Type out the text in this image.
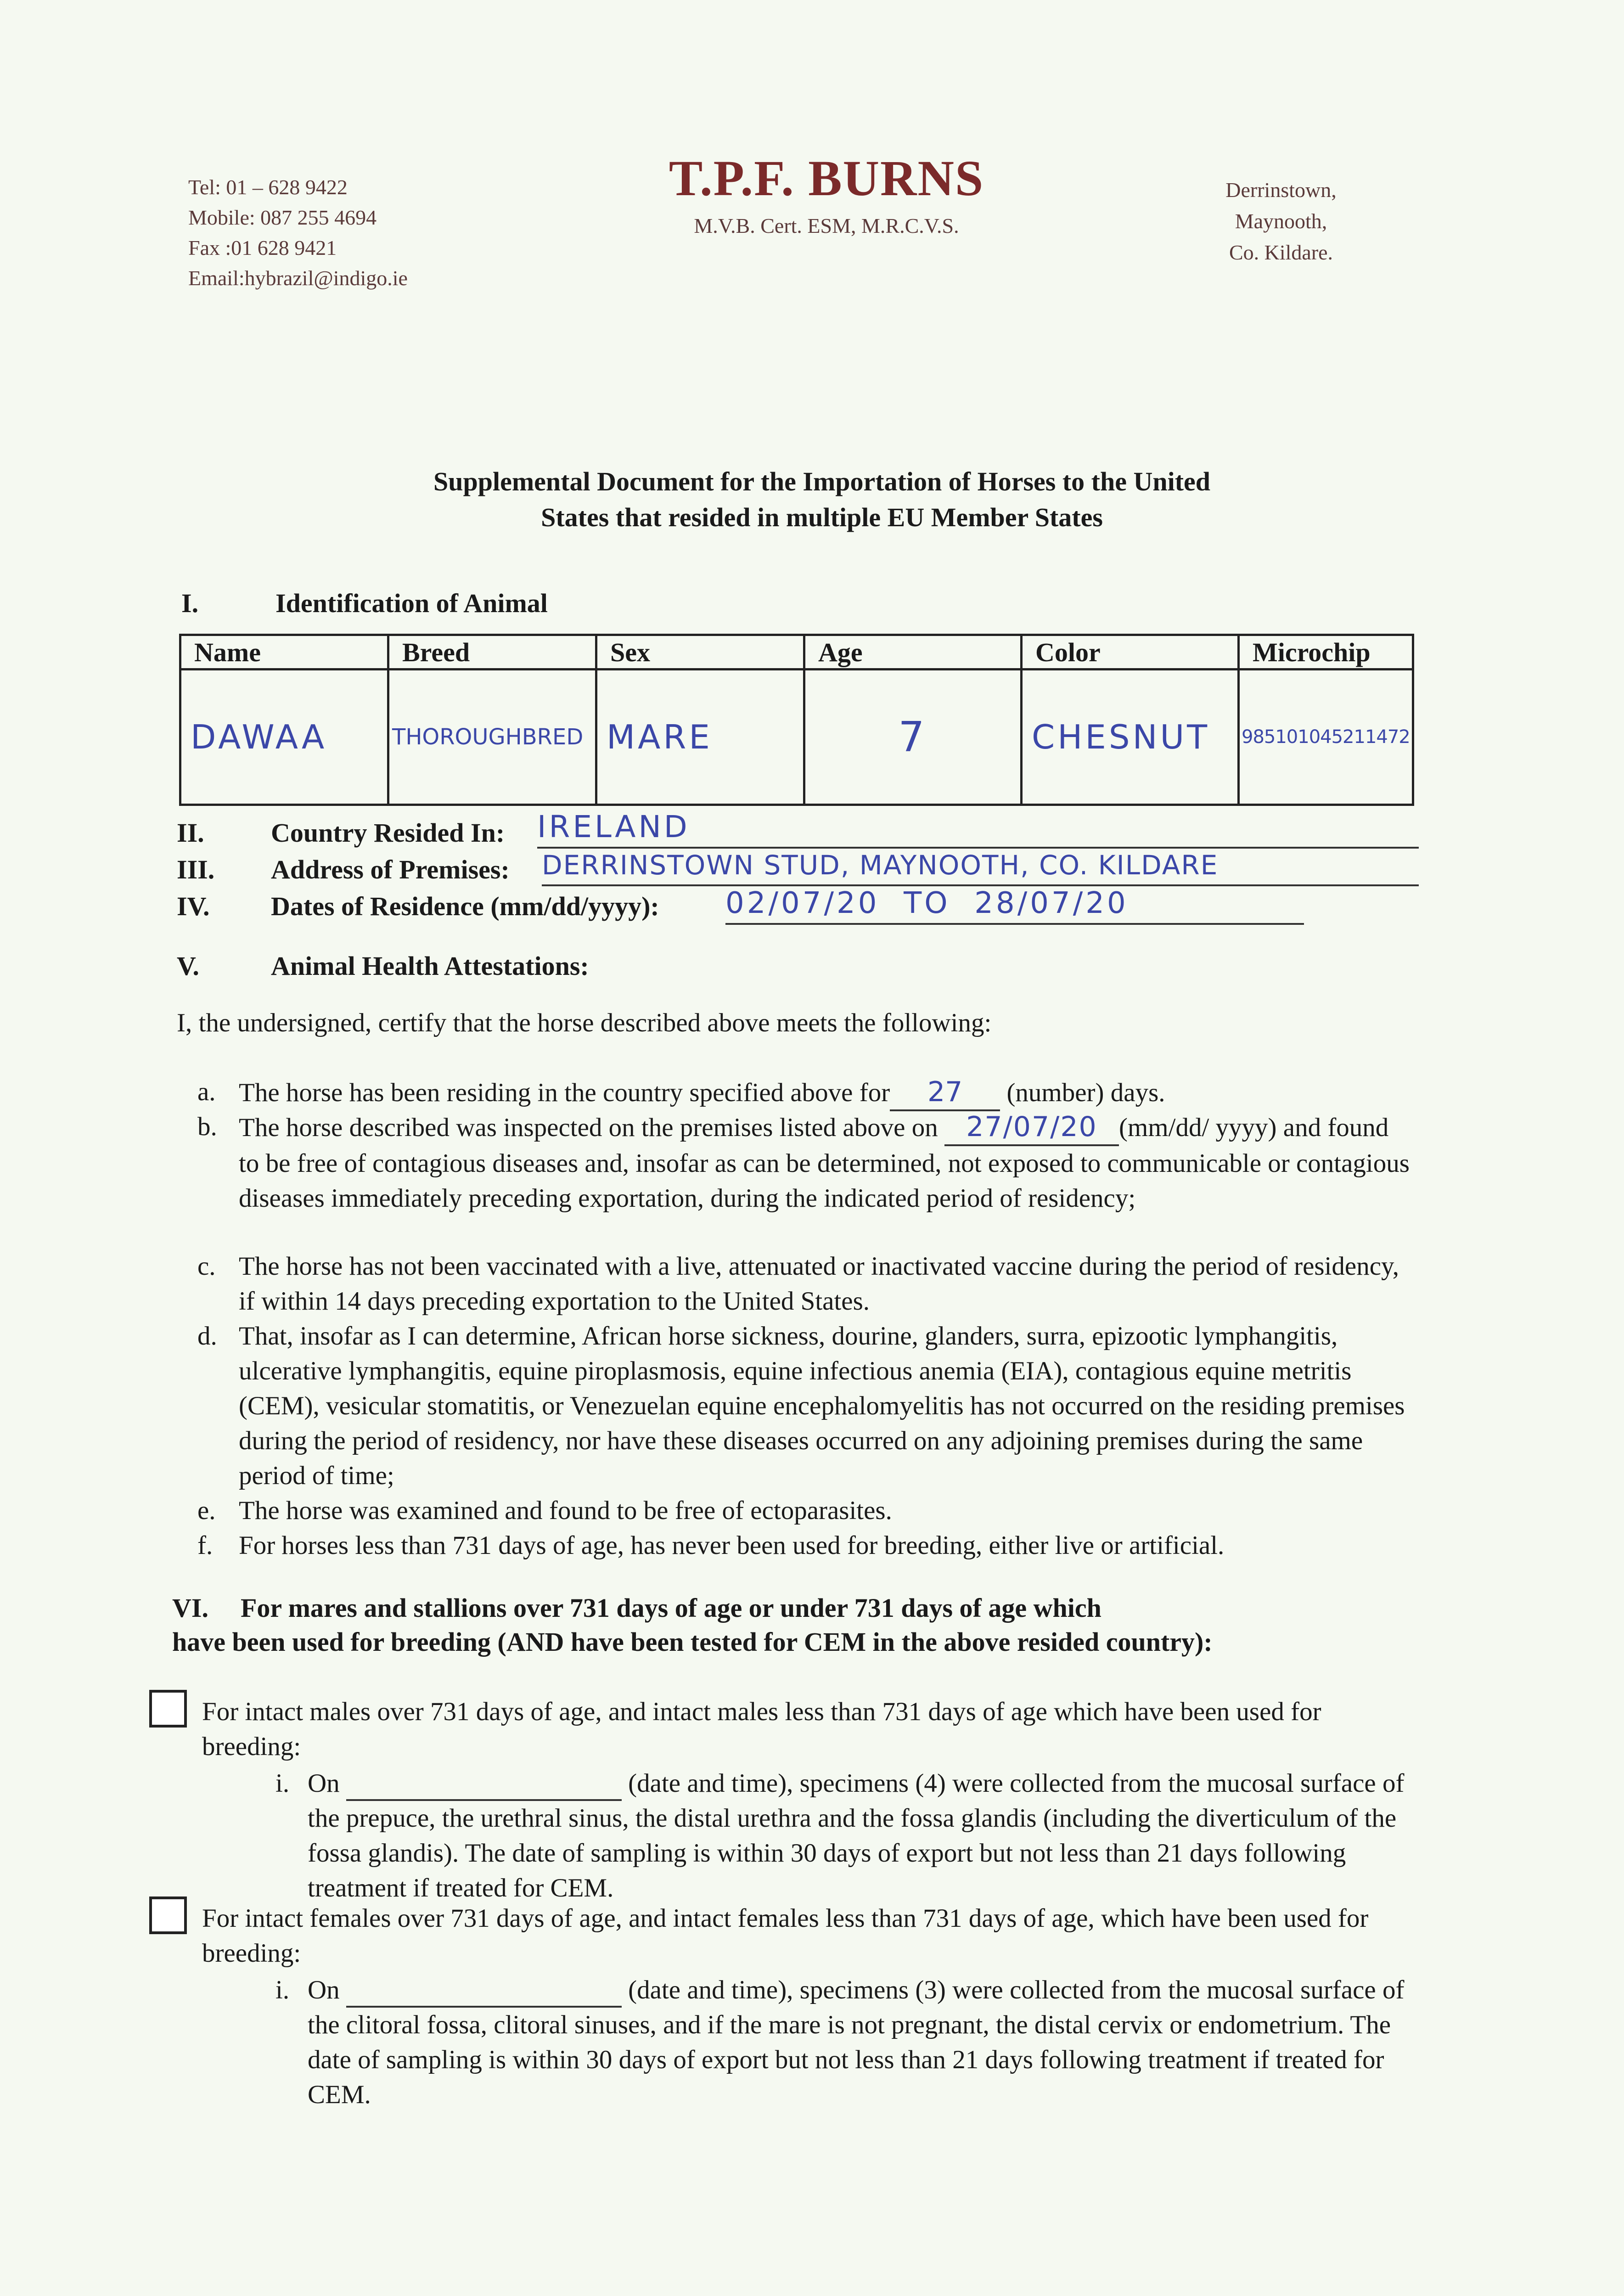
Tel: 01 – 628 9422
Mobile: 087 255 4694
Fax :01 628 9421
Email:hybrazil@indigo.ie
T.P.F. BURNS
M.V.B. Cert. ESM, M.R.C.V.S.
Derrinstown,
Maynooth,
Co. Kildare.
Supplemental Document for the Importation of Horses to the United
States that resided in multiple EU Member States
I.	Identification of Animal
Name	Breed	Sex	Age	Color	Microchip
DAWAA	THOROUGHBRED	MARE	7	CHESNUT	985101045211472
II.	Country Resided In: IRELAND
III. Address of Premises: DERRINSTOWN STUD, MAYNOOTH, CO. KILDARE
IV. Dates of Residence (mm/dd/yyyy): 02/07/20  TO  28/07/20
V.	Animal Health Attestations:
I, the undersigned, certify that the horse described above meets the following:
a. The horse has been residing in the country specified above for 27 (number) days.
b. The horse described was inspected on the premises listed above on 27/07/20 (mm/dd/ yyyy) and found to be free of contagious diseases and, insofar as can be determined, not exposed to communicable or contagious diseases immediately preceding exportation, during the indicated period of residency;
c. The horse has not been vaccinated with a live, attenuated or inactivated vaccine during the period of residency, if within 14 days preceding exportation to the United States.
d. That, insofar as I can determine, African horse sickness, dourine, glanders, surra, epizootic lymphangitis, ulcerative lymphangitis, equine piroplasmosis, equine infectious anemia (EIA), contagious equine metritis (CEM), vesicular stomatitis, or Venezuelan equine encephalomyelitis has not occurred on the residing premises during the period of residency, nor have these diseases occurred on any adjoining premises during the same period of time;
e. The horse was examined and found to be free of ectoparasites.
f. For horses less than 731 days of age, has never been used for breeding, either live or artificial.
VI. For mares and stallions over 731 days of age or under 731 days of age which
have been used for breeding (AND have been tested for CEM in the above resided country):
For intact males over 731 days of age, and intact males less than 731 days of age which have been used for breeding:
i. On	(date and time), specimens (4) were collected from the mucosal surface of the prepuce, the urethral sinus, the distal urethra and the fossa glandis (including the diverticulum of the fossa glandis). The date of sampling is within 30 days of export but not less than 21 days following treatment if treated for CEM.
For intact females over 731 days of age, and intact females less than 731 days of age, which have been used for breeding:
i. On	(date and time), specimens (3) were collected from the mucosal surface of the clitoral fossa, clitoral sinuses, and if the mare is not pregnant, the distal cervix or endometrium. The date of sampling is within 30 days of export but not less than 21 days following treatment if treated for CEM.
